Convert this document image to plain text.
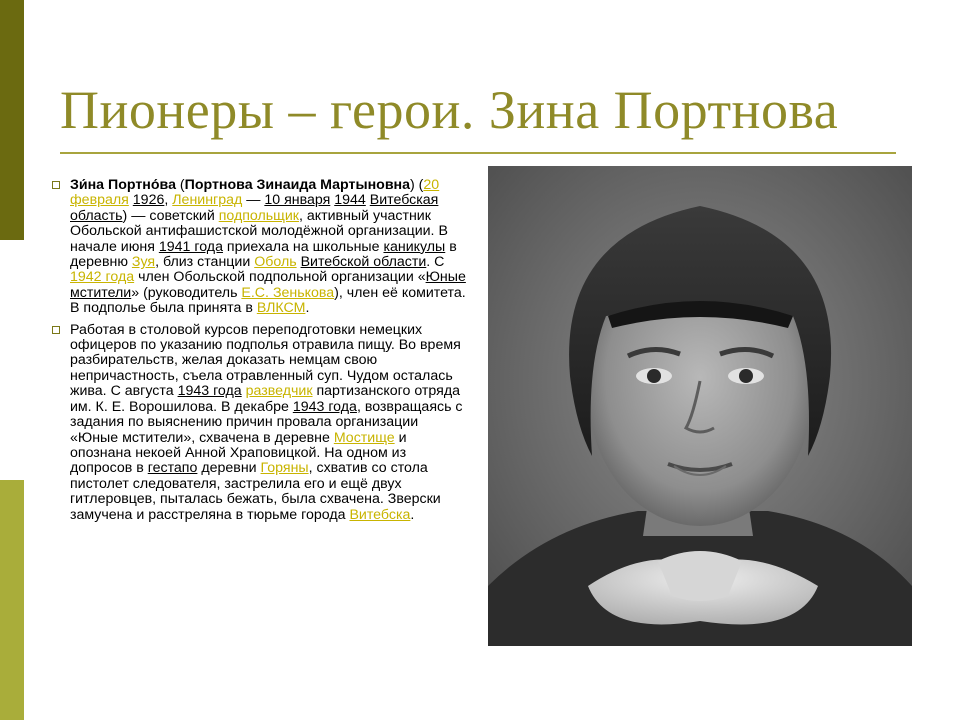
Пионеры – герои. Зина Портнова
Зи́на Портно́ва (Портнова Зинаида Мартыновна) (20 февраля 1926, Ленинград — 10 января 1944 Витебская область) — советский подпольщик, активный участник Обольской антифашистской молодёжной организации. В начале июня 1941 года приехала на школьные каникулы в деревню Зуя, близ станции Оболь Витебской области. С 1942 года член Обольской подпольной организации «Юные мстители» (руководитель Е.С. Зенькова), член её комитета. В подполье была принята в ВЛКСМ.
Работая в столовой курсов переподготовки немецких офицеров по указанию подполья отравила пищу. Во время разбирательств, желая доказать немцам свою непричастность, съела отравленный суп. Чудом осталась жива. С августа 1943 года разведчик партизанского отряда им. К. Е. Ворошилова. В декабре 1943 года, возвращаясь с задания по выяснению причин провала организации «Юные мстители», схвачена в деревне Мостище и опознана некоей Анной Храповицкой. На одном из допросов в гестапо деревни Горяны, схватив со стола пистолет следователя, застрелила его и ещё двух гитлеровцев, пыталась бежать, была схвачена. Зверски замучена и расстреляна в тюрьме города Витебска.
